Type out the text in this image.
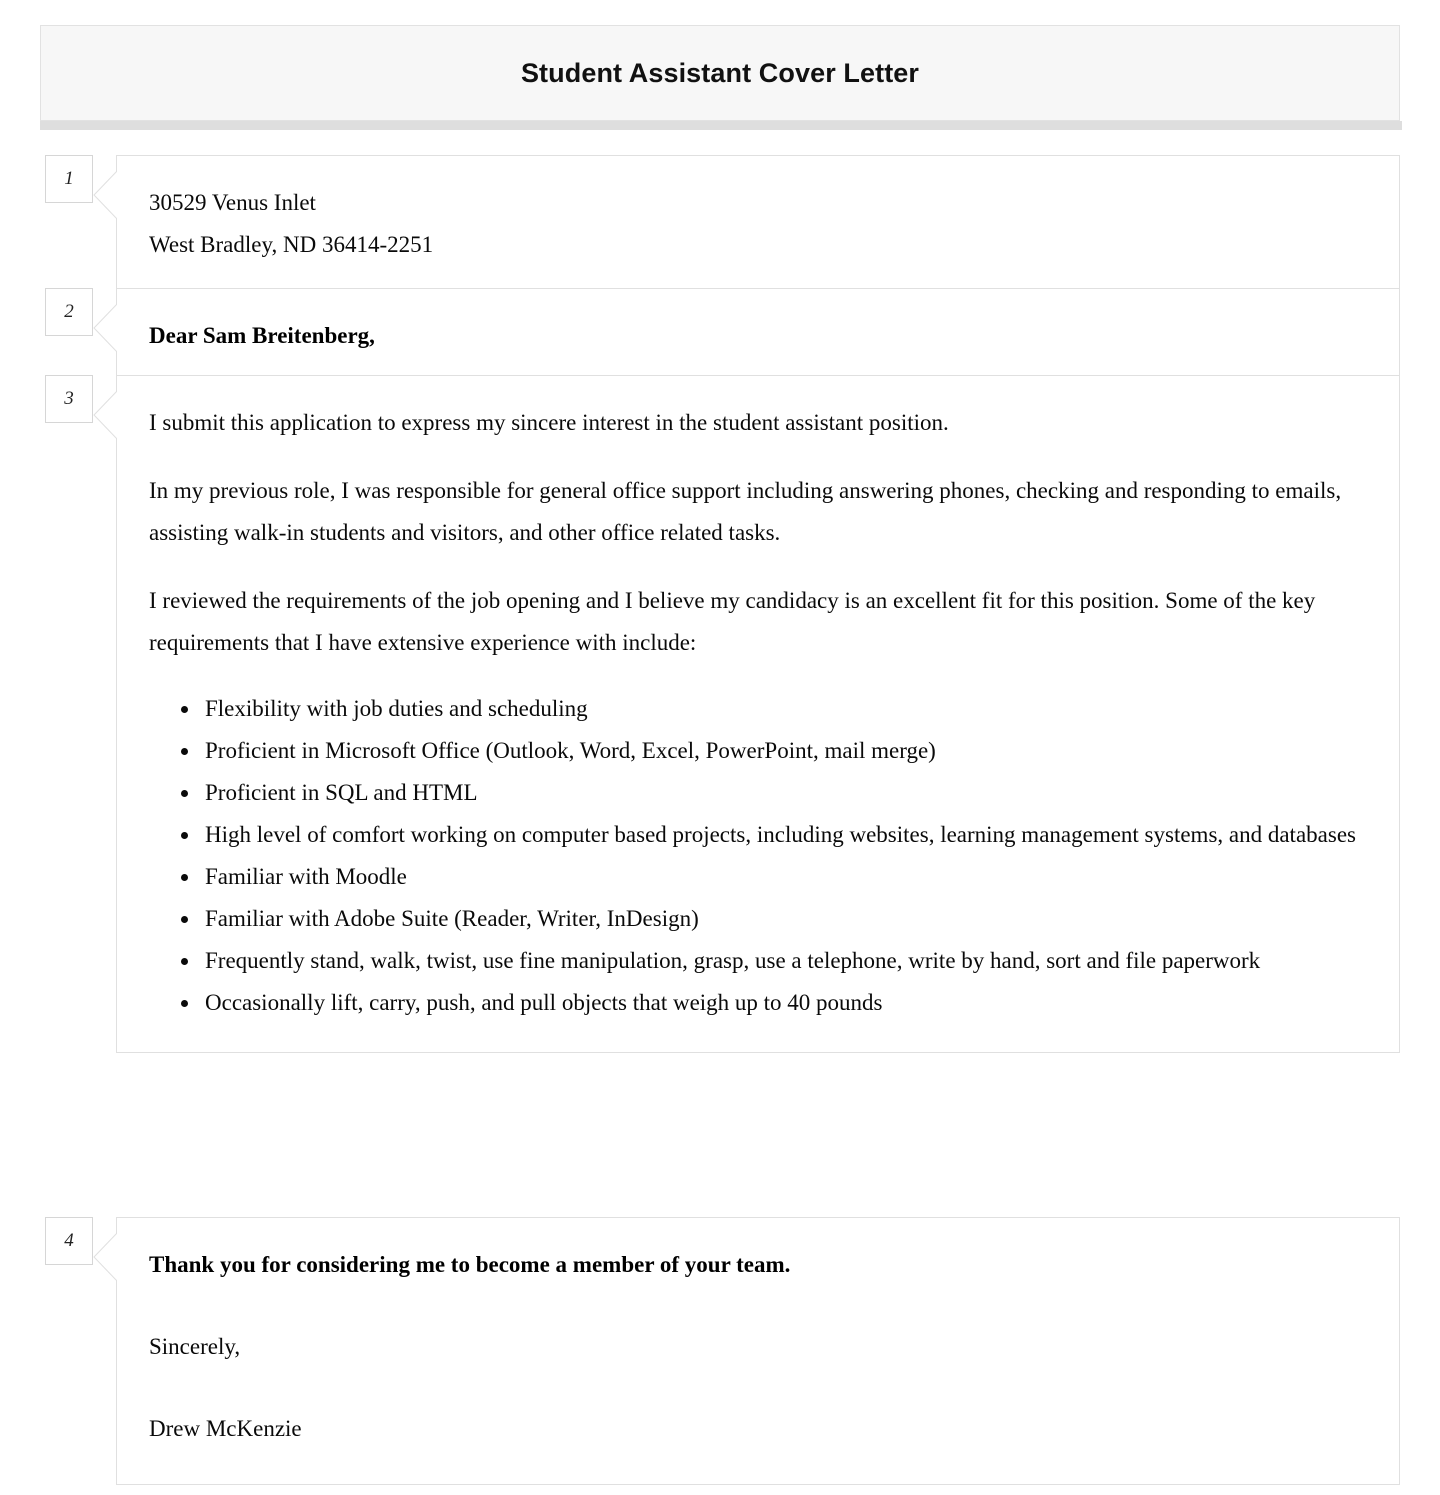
Student Assistant Cover Letter
1
30529 Venus Inlet
West Bradley, ND 36414-2251
2
Dear Sam Breitenberg,
3

I submit this application to express my sincere interest in the student assistant position.

In my previous role, I was responsible for general office support including answering phones, checking and responding to emails, assisting walk-in students and visitors, and other office related tasks.

I reviewed the requirements of the job opening and I believe my candidacy is an excellent fit for this position. Some of the key requirements that I have extensive experience with include:

• Flexibility with job duties and scheduling
• Proficient in Microsoft Office (Outlook, Word, Excel, PowerPoint, mail merge)
• Proficient in SQL and HTML
• High level of comfort working on computer based projects, including websites, learning management systems, and databases
• Familiar with Moodle
• Familiar with Adobe Suite (Reader, Writer, InDesign)
• Frequently stand, walk, twist, use fine manipulation, grasp, use a telephone, write by hand, sort and file paperwork
• Occasionally lift, carry, push, and pull objects that weigh up to 40 pounds
4
Thank you for considering me to become a member of your team.
Sincerely,
Drew McKenzie
